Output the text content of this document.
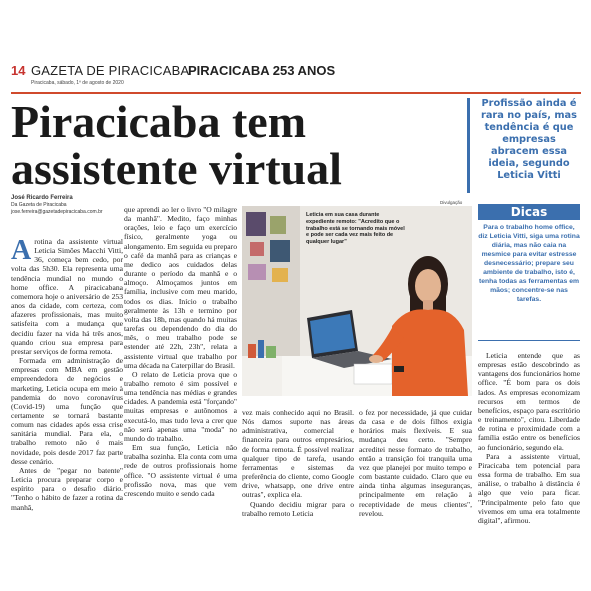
14 GAZETA DE PIRACICABA
PIRACICABA 253 ANOS
Piracicaba, sábado, 1º de agosto de 2020
Piracicaba tem assistente virtual
Profissão ainda é rara no país, mas tendência é que empresas abracem essa ideia, segundo Leticia Vitti
José Ricardo Ferreira
Da Gazeta de Piracicaba
jose.ferreira@gazetadepiracicaba.com.br

Arotina da assistente virtual Leticia Simões Macchi Vitti, 36, começa bem cedo, por volta das 5h30. Ela representa uma tendência mundial no mundo o home office. A piracicabana comemora hoje o aniversário de 253 anos da cidade, com certeza, com afazeres profissionais, mas muito satisfeita com a mudança que decidiu fazer na vida há três anos, quando criou sua empresa para prestar serviços de forma remota.

Formada em administração de empresas com MBA em gestão empreendedora de negócios e marketing, Leticia ocupa em meio à pandemia do novo coronavírus (Covid-19) uma função que certamente se tornará bastante comum nas cidades após essa crise sanitária mundial. Para ela, o trabalho remoto não é mais novidade, pois desde 2017 faz parte desse cenário.

Antes de "pegar no batente" Leticia procura preparar corpo e espírito para o desafio diário. "Tenho o hábito de fazer a rotina da manhã,

que aprendi ao ler o livro "O milagre da manhã". Medito, faço minhas orações, leio e faço um exercício físico, geralmente yoga ou alongamento. Em seguida eu preparo o café da manhã para as crianças e me dedico aos cuidados delas durante o período da manhã e o almoço. Almoçamos juntos em família, inclusive com meu marido, todos os dias. Início o trabalho geralmente às 13h e termino por volta das 18h, mas quando há muitas tarefas ou dependendo do dia do mês, o meu trabalho pode se estender até 22h, 23h", relata a assistente virtual que trabalho por uma década na Caterpillar do Brasil.

O relato de Leticia prova que o trabalho remoto é sim possível e uma tendência nas médias e grandes cidades. A pandemia está "forçando" muitas empresas e autônomos a executá-lo, mas tudo leva a crer que não será apenas uma "moda" no mundo do trabalho.

Em sua função, Leticia não trabalha sozinha. Ela conta com uma rede de outros profissionais home office. "O assistente virtual é uma profissão nova, mas que vem crescendo muito e sendo cada

Divulgação
Leticia em sua casa durante expediente remoto: "Acredito que o trabalho está se tornando mais móvel e pode ser cada vez mais feito de qualquer lugar"

vez mais conhecido aqui no Brasil. Nós damos suporte nas áreas administrativa, comercial e financeira para outros empresários, de forma remota. É possível realizar qualquer tipo de tarefa, usando ferramentas e sistemas da preferência do cliente, como Google drive, whatsapp, one drive entre outras", explica ela.

Quando decidiu migrar para o trabalho remoto Leticia

o fez por necessidade, já que cuidar da casa e de dois filhos exigia horários mais flexíveis. E sua mudança deu certo. "Sempre acreditei nesse formato de trabalho, então a transição foi tranquila uma vez que planejei por muito tempo e com bastante cuidado. Claro que eu ainda tinha algumas inseguranças, principalmente em relação à receptividade de meus clientes", revelou.

Dicas
Para o trabalho home office, diz Leticia Vitti, siga uma rotina diária, mas não caia na mesmice para evitar estresse desnecessário; prepare seu ambiente de trabalho, isto é, tenha todas as ferramentas em mãos; concentre-se nas tarefas.

Leticia entende que as empresas estão descobrindo as vantagens dos funcionários home office. "É bom para os dois lados. As empresas economizam recursos em termos de benefícios, espaço para escritório e treinamento", citou. Liberdade de rotina e proximidade com a família estão entre os benefícios ao funcionário, segundo ela.

Para a assistente virtual, Piracicaba tem potencial para essa forma de trabalho. Em sua análise, o trabalho à distância é algo que veio para ficar. "Principalmente pelo fato que vivemos em uma era totalmente digital", afirmou.
